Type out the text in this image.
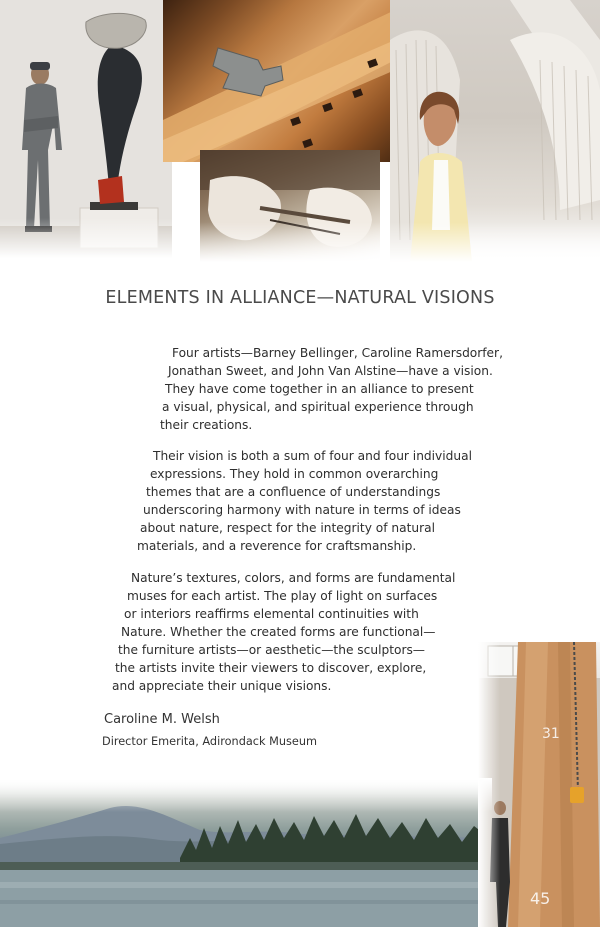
ELEMENTS IN ALLIANCE—NATURAL VISIONS
Four artists—Barney Bellinger, Caroline Ramersdorfer,
Jonathan Sweet, and John Van Alstine—have a vision.
They have come together in an alliance to present
a visual, physical, and spiritual experience through
their creations.
Their vision is both a sum of four and four individual
expressions. They hold in common overarching
themes that are a confluence of understandings
underscoring harmony with nature in terms of ideas
about nature, respect for the integrity of natural
materials, and a reverence for craftsmanship.
Nature’s textures, colors, and forms are fundamental
muses for each artist. The play of light on surfaces
or interiors reaffirms elemental continuities with
Nature. Whether the created forms are functional—
the furniture artists—or aesthetic—the sculptors—
the artists invite their viewers to discover, explore,
and appreciate their unique visions.
Caroline M. Welsh
Director Emerita, Adirondack Museum	31
45
